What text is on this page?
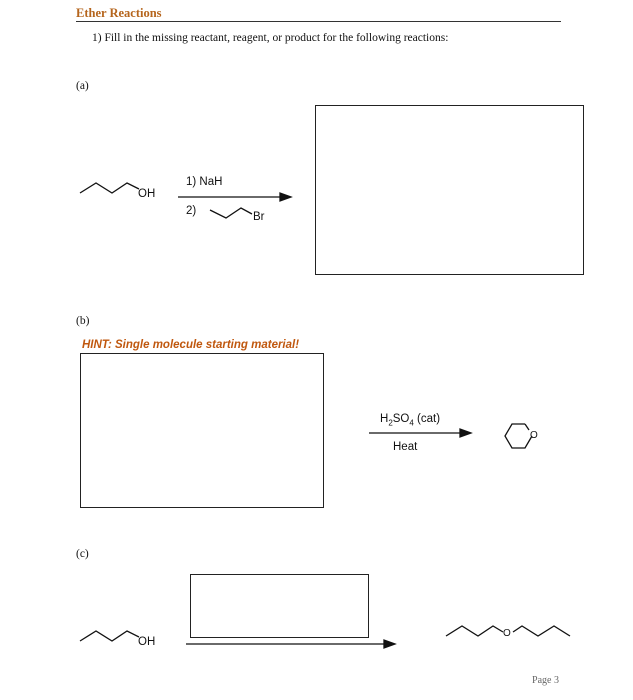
Ether Reactions
1) Fill in the missing reactant, reagent, or product for the following reactions:
(a)
OH
1) NaH
2)	Br
(b)
HINT: Single molecule starting material!
$H_2SO_4$ (cat)
Heat
O
(c)
OH
O
Page 3
